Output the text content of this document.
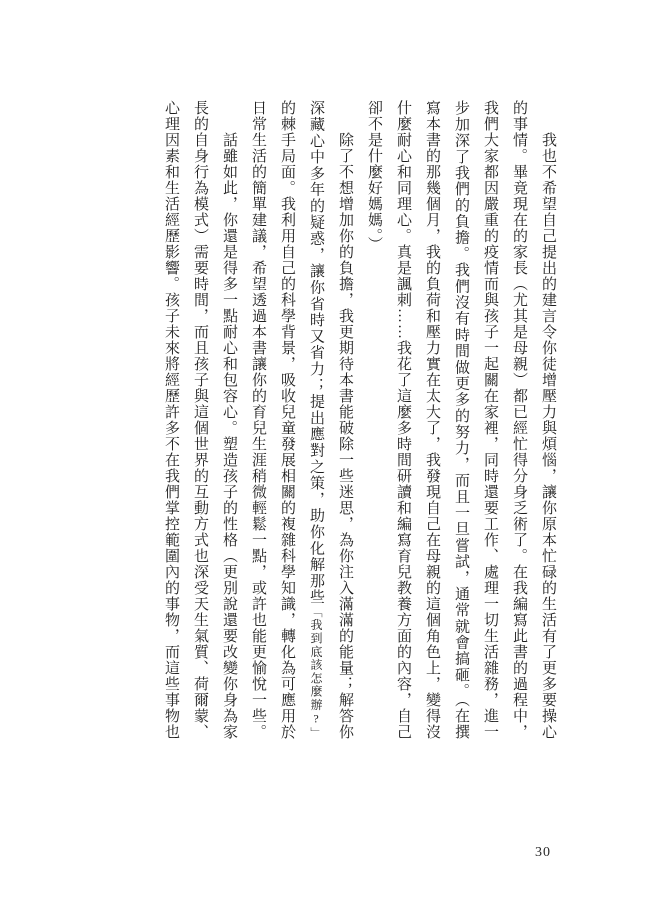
我也不希望自己提出的建言令你徒增壓力與煩惱，讓你原本忙碌的生活有了更多要操心的事情。畢竟現在的家長（尤其是母親）都已經忙得分身乏術了。在我編寫此書的過程中，我們大家都因嚴重的疫情而與孩子一起關在家裡，同時還要工作、處理一切生活雜務，進一步加深了我們的負擔。我們沒有時間做更多的努力，而且一旦嘗試，通常就會搞砸。（在撰寫本書的那幾個月，我的負荷和壓力實在太大了，我發現自己在母親的這個角色上，變得沒什麼耐心和同理心。真是諷刺……我花了這麼多時間研讀和編寫育兒教養方面的內容，自己卻不是什麼好媽媽。）

除了不想增加你的負擔，我更期待本書能破除一些迷思，為你注入滿滿的能量；解答你深藏心中多年的疑惑，讓你省時又省力；提出應對之策，助你化解那些「我到底該怎麼辦?」的棘手局面。我利用自己的科學背景，吸收兒童發展相關的複雜科學知識，轉化為可應用於日常生活的簡單建議，希望透過本書讓你的育兒生涯稍微輕鬆一點，或許也能更愉悅一些。

話雖如此，你還是得多一點耐心和包容心。塑造孩子的性格（更別說還要改變你身為家長的自身行為模式）需要時間，而且孩子與這個世界的互動方式也深受天生氣質、荷爾蒙、心理因素和生活經歷影響。孩子未來將經歷許多不在我們掌控範圍內的事物，而這些事物也

30
